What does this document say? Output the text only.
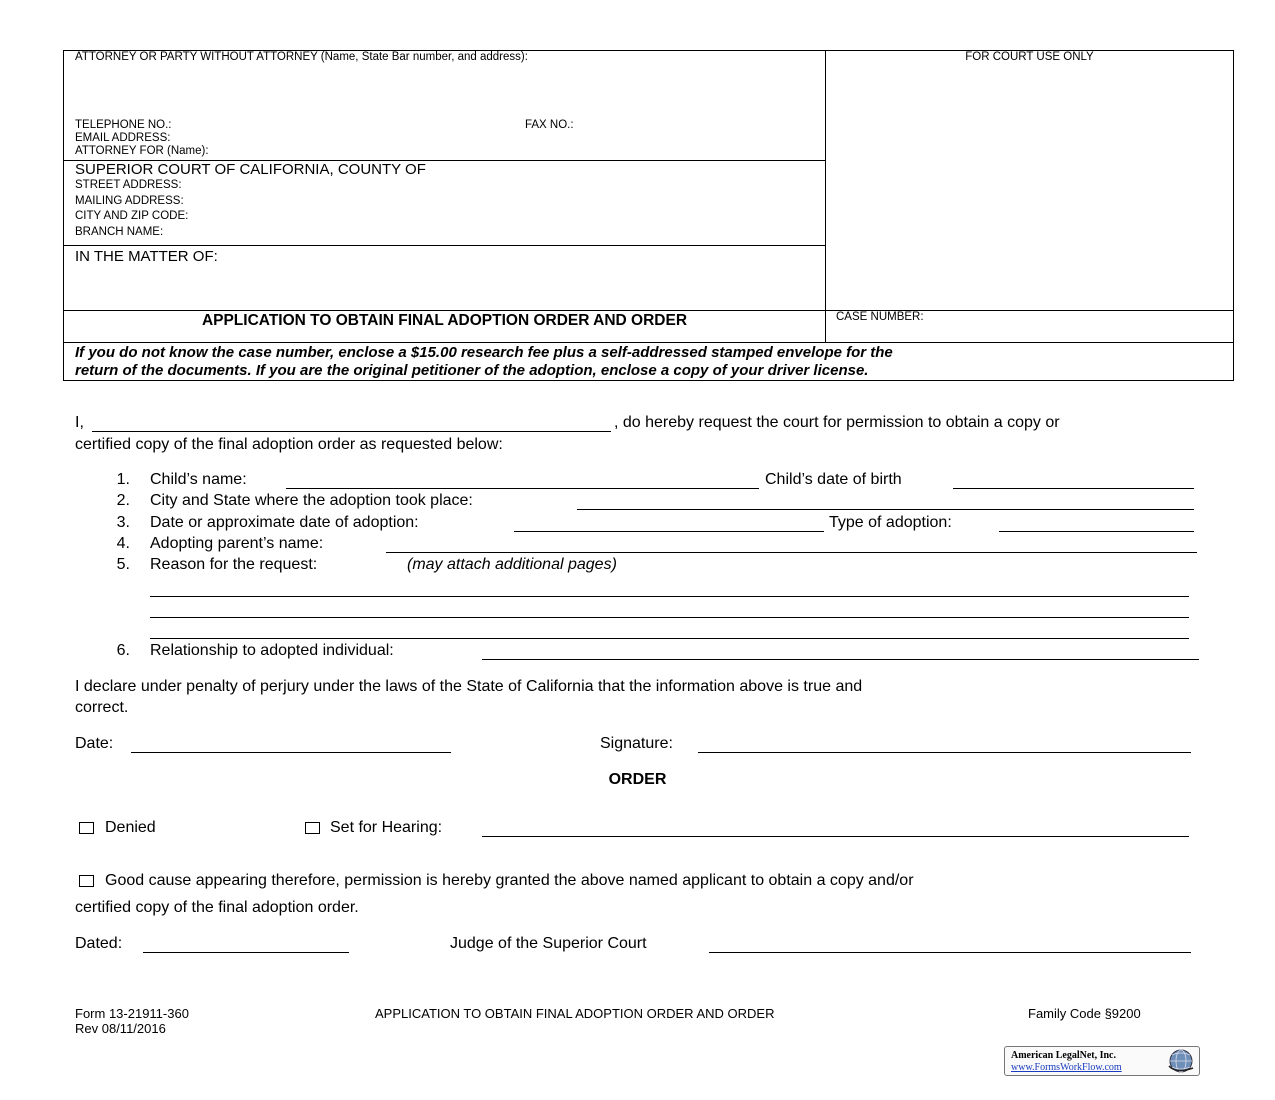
ATTORNEY OR PARTY WITHOUT ATTORNEY (Name, State Bar number, and address):	FOR COURT USE ONLY
TELEPHONE NO.:	FAX NO.:
EMAIL ADDRESS:
ATTORNEY FOR (Name):
SUPERIOR COURT OF CALIFORNIA, COUNTY OF
STREET ADDRESS:
MAILING ADDRESS:
CITY AND ZIP CODE:
BRANCH NAME:
IN THE MATTER OF:
APPLICATION TO OBTAIN FINAL ADOPTION ORDER AND ORDER	CASE NUMBER:
If you do not know the case number, enclose a $15.00 research fee plus a self-addressed stamped envelope for the
return of the documents. If you are the original petitioner of the adoption, enclose a copy of your driver license.
I,	, do hereby request the court for permission to obtain a copy or
certified copy of the final adoption order as requested below:
1. Child’s name:	Child’s date of birth
2. City and State where the adoption took place:
3. Date or approximate date of adoption:	Type of adoption:
4. Adopting parent’s name:
5. Reason for the request:	(may attach additional pages)
6. Relationship to adopted individual:
I declare under penalty of perjury under the laws of the State of California that the information above is true and
correct.
Date:	Signature:
ORDER
Denied	Set for Hearing:
Good cause appearing therefore, permission is hereby granted the above named applicant to obtain a copy and/or
certified copy of the final adoption order.
Dated:	Judge of the Superior Court
Form 13-21911-360
Rev 08/11/2016
APPLICATION TO OBTAIN FINAL ADOPTION ORDER AND ORDER	Family Code §9200
American LegalNet, Inc.
www.FormsWorkFlow.com
